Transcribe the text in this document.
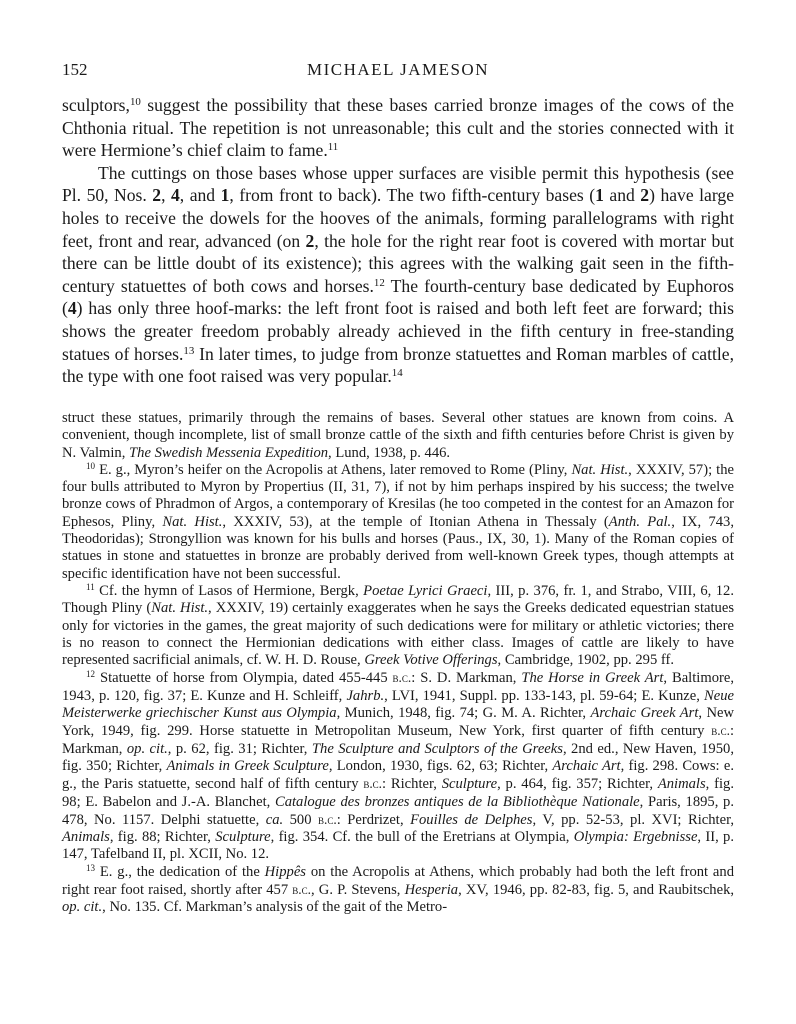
152	MICHAEL JAMESON

sculptors,$^{10}$ suggest the possibility that these bases carried bronze images of the cows of the Chthonia ritual. The repetition is not unreasonable; this cult and the stories connected with it were Hermione’s chief claim to fame.$^{11}$

The cuttings on those bases whose upper surfaces are visible permit this hypothesis (see Pl. 50, Nos. 2, 4, and 1, from front to back). The two fifth-century bases (1 and 2) have large holes to receive the dowels for the hooves of the animals, forming parallelograms with right feet, front and rear, advanced (on 2, the hole for the right rear foot is covered with mortar but there can be little doubt of its existence); this agrees with the walking gait seen in the fifth-century statuettes of both cows and horses.$^{12}$ The fourth-century base dedicated by Euphoros (4) has only three hoof-marks: the left front foot is raised and both left feet are forward; this shows the greater freedom probably already achieved in the fifth century in free-standing statues of horses.$^{13}$ In later times, to judge from bronze statuettes and Roman marbles of cattle, the type with one foot raised was very popular.$^{14}$

struct these statues, primarily through the remains of bases. Several other statues are known from coins. A convenient, though incomplete, list of small bronze cattle of the sixth and fifth centuries before Christ is given by N. Valmin, The Swedish Messenia Expedition, Lund, 1938, p. 446.

$^{10}$ E. g., Myron’s heifer on the Acropolis at Athens, later removed to Rome (Pliny, Nat. Hist., XXXIV, 57); the four bulls attributed to Myron by Propertius (II, 31, 7), if not by him perhaps inspired by his success; the twelve bronze cows of Phradmon of Argos, a contemporary of Kresilas (he too competed in the contest for an Amazon for Ephesos, Pliny, Nat. Hist., XXXIV, 53), at the temple of Itonian Athena in Thessaly (Anth. Pal., IX, 743, Theodoridas); Strongyllion was known for his bulls and horses (Paus., IX, 30, 1). Many of the Roman copies of statues in stone and statuettes in bronze are probably derived from well-known Greek types, though attempts at specific identification have not been successful.

$^{11}$ Cf. the hymn of Lasos of Hermione, Bergk, Poetae Lyrici Graeci, III, p. 376, fr. 1, and Strabo, VIII, 6, 12. Though Pliny (Nat. Hist., XXXIV, 19) certainly exaggerates when he says the Greeks dedicated equestrian statues only for victories in the games, the great majority of such dedications were for military or athletic victories; there is no reason to connect the Hermionian dedications with either class. Images of cattle are likely to have represented sacrificial animals, cf. W. H. D. Rouse, Greek Votive Offerings, Cambridge, 1902, pp. 295 ff.

$^{12}$ Statuette of horse from Olympia, dated 455-445 b.c.: S. D. Markman, The Horse in Greek Art, Baltimore, 1943, p. 120, fig. 37; E. Kunze and H. Schleiff, Jahrb., LVI, 1941, Suppl. pp. 133-143, pl. 59-64; E. Kunze, Neue Meisterwerke griechischer Kunst aus Olympia, Munich, 1948, fig. 74; G. M. A. Richter, Archaic Greek Art, New York, 1949, fig. 299. Horse statuette in Metropolitan Museum, New York, first quarter of fifth century b.c.: Markman, op. cit., p. 62, fig. 31; Richter, The Sculpture and Sculptors of the Greeks, 2nd ed., New Haven, 1950, fig. 350; Richter, Animals in Greek Sculpture, London, 1930, figs. 62, 63; Richter, Archaic Art, fig. 298. Cows: e. g., the Paris statuette, second half of fifth century b.c.: Richter, Sculpture, p. 464, fig. 357; Richter, Animals, fig. 98; E. Babelon and J.-A. Blanchet, Catalogue des bronzes antiques de la Bibliothèque Nationale, Paris, 1895, p. 478, No. 1157. Delphi statuette, ca. 500 b.c.: Perdrizet, Fouilles de Delphes, V, pp. 52-53, pl. XVI; Richter, Animals, fig. 88; Richter, Sculpture, fig. 354. Cf. the bull of the Eretrians at Olympia, Olympia: Ergebnisse, II, p. 147, Tafelband II, pl. XCII, No. 12.

$^{13}$ E. g., the dedication of the Hippês on the Acropolis at Athens, which probably had both the left front and right rear foot raised, shortly after 457 b.c., G. P. Stevens, Hesperia, XV, 1946, pp. 82-83, fig. 5, and Raubitschek, op. cit., No. 135. Cf. Markman’s analysis of the gait of the Metro-
